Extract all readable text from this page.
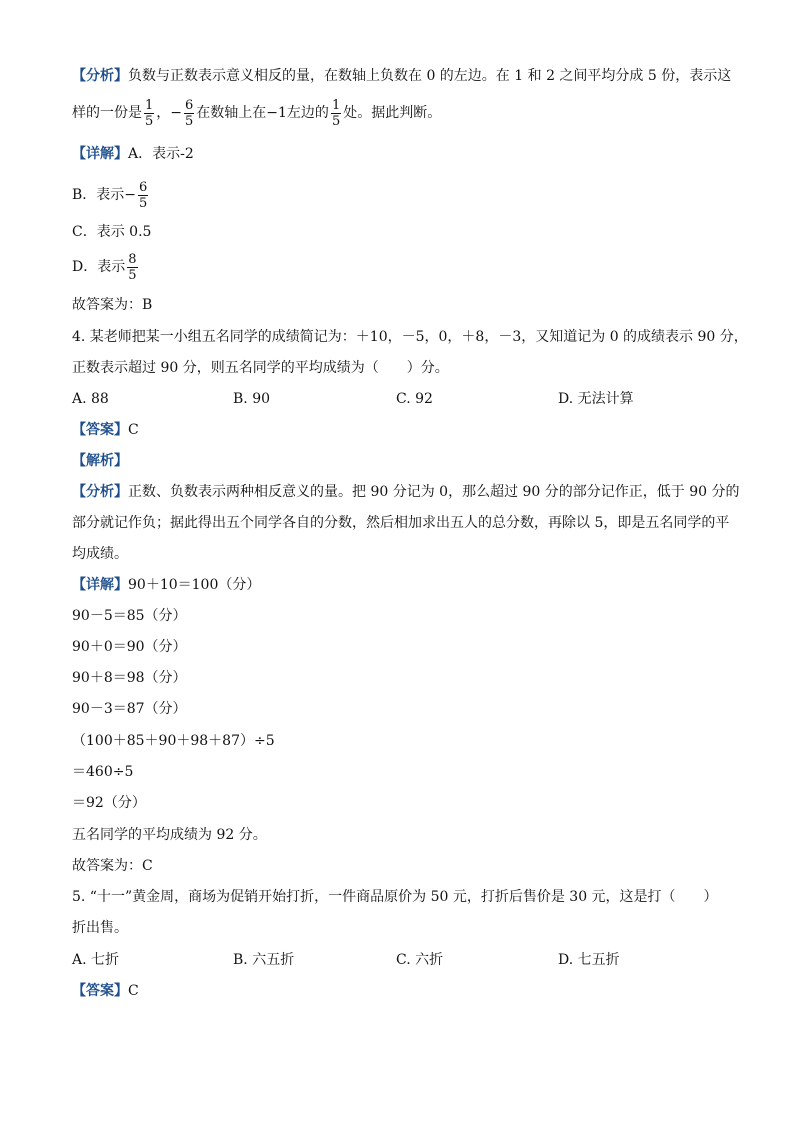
【分析】负数与正数表示意义相反的量，在数轴上负数在 0 的左边。在 1 和 2 之间平均分成 5 份，表示这
样的一份是 $\frac{1}{5}$ ，− $\frac{6}{5}$ 在数轴上在−1左边的 $\frac{1}{5}$ 处。据此判断。
【详解】A．表示-2
B．表示− $\frac{6}{5}$
C．表示 0.5
D．表示 $\frac{8}{5}$
故答案为：B
4. 某老师把某一小组五名同学的成绩简记为：＋10，－5，0，＋8，－3，又知道记为 0 的成绩表示 90 分，
正数表示超过 90 分，则五名同学的平均成绩为（　　）分。
A. 88	B. 90	C. 92	D. 无法计算
【答案】C
【解析】
【分析】正数、负数表示两种相反意义的量。把 90 分记为 0，那么超过 90 分的部分记作正，低于 90 分的
部分就记作负；据此得出五个同学各自的分数，然后相加求出五人的总分数，再除以 5，即是五名同学的平
均成绩。
【详解】90＋10＝100（分）
90－5＝85（分）
90＋0＝90（分）
90＋8＝98（分）
90－3＝87（分）
（100＋85＋90＋98＋87）÷5
＝460÷5
＝92（分）
五名同学的平均成绩为 92 分。
故答案为：C
5. “十一”黄金周，商场为促销开始打折，一件商品原价为 50 元，打折后售价是 30 元，这是打（　　）
折出售。
A. 七折	B. 六五折	C. 六折	D. 七五折
【答案】C
